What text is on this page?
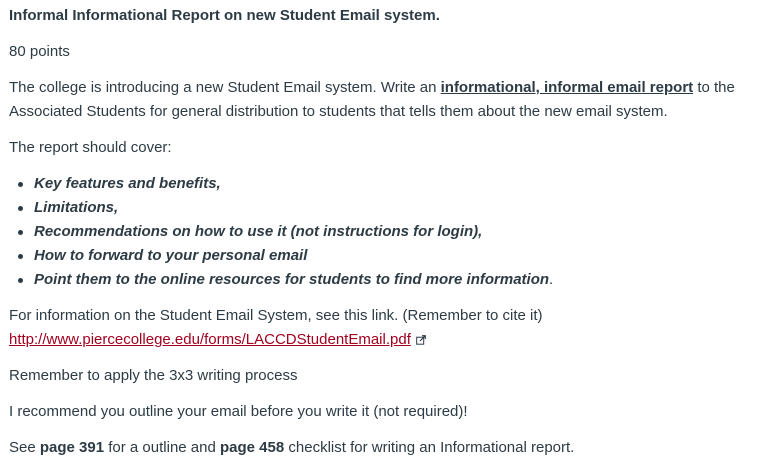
Informal Informational Report on new Student Email system.
80 points
The college is introducing a new Student Email system. Write an informational, informal email report to the
Associated Students for general distribution to students that tells them about the new email system.
The report should cover:
Key features and benefits,
Limitations,
Recommendations on how to use it (not instructions for login),
How to forward to your personal email
Point them to the online resources for students to find more information.
For information on the Student Email System, see this link. (Remember to cite it)
http://www.piercecollege.edu/forms/LACCDStudentEmail.pdf
Remember to apply the 3x3 writing process
I recommend you outline your email before you write it (not required)!
See page 391 for a outline and page 458 checklist for writing an Informational report.
